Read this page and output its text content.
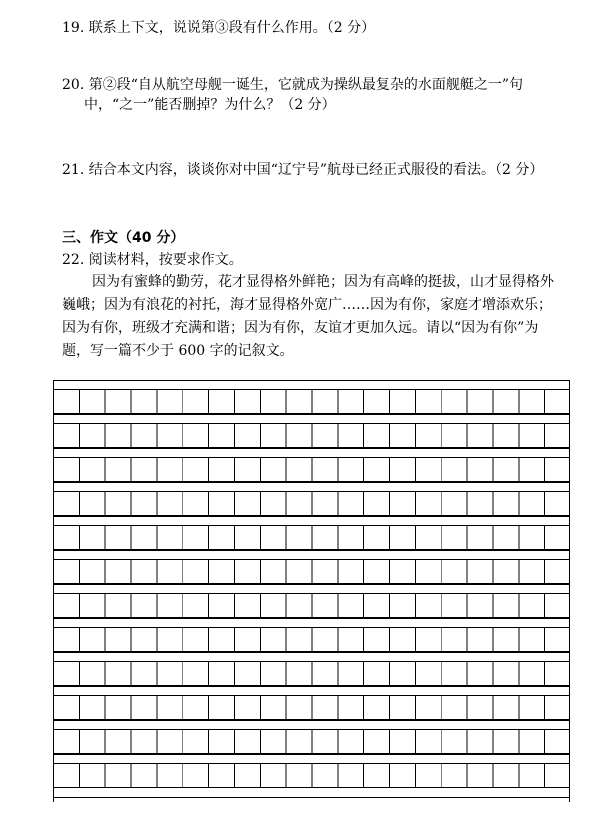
19. 联系上下文，说说第③段有什么作用。（2 分）
20. 第②段“自从航空母舰一诞生，它就成为操纵最复杂的水面舰艇之一”句
中，“之一”能否删掉？为什么？（2 分）
21. 结合本文内容，谈谈你对中国“辽宁号”航母已经正式服役的看法。（2 分）
三、作文（40 分）
22. 阅读材料，按要求作文。
因为有蜜蜂的勤劳，花才显得格外鲜艳；因为有高峰的挺拔，山才显得格外
巍峨；因为有浪花的衬托，海才显得格外宽广……因为有你，家庭才增添欢乐；
因为有你，班级才充满和谐；因为有你，友谊才更加久远。请以“因为有你”为
题，写一篇不少于 600 字的记叙文。
